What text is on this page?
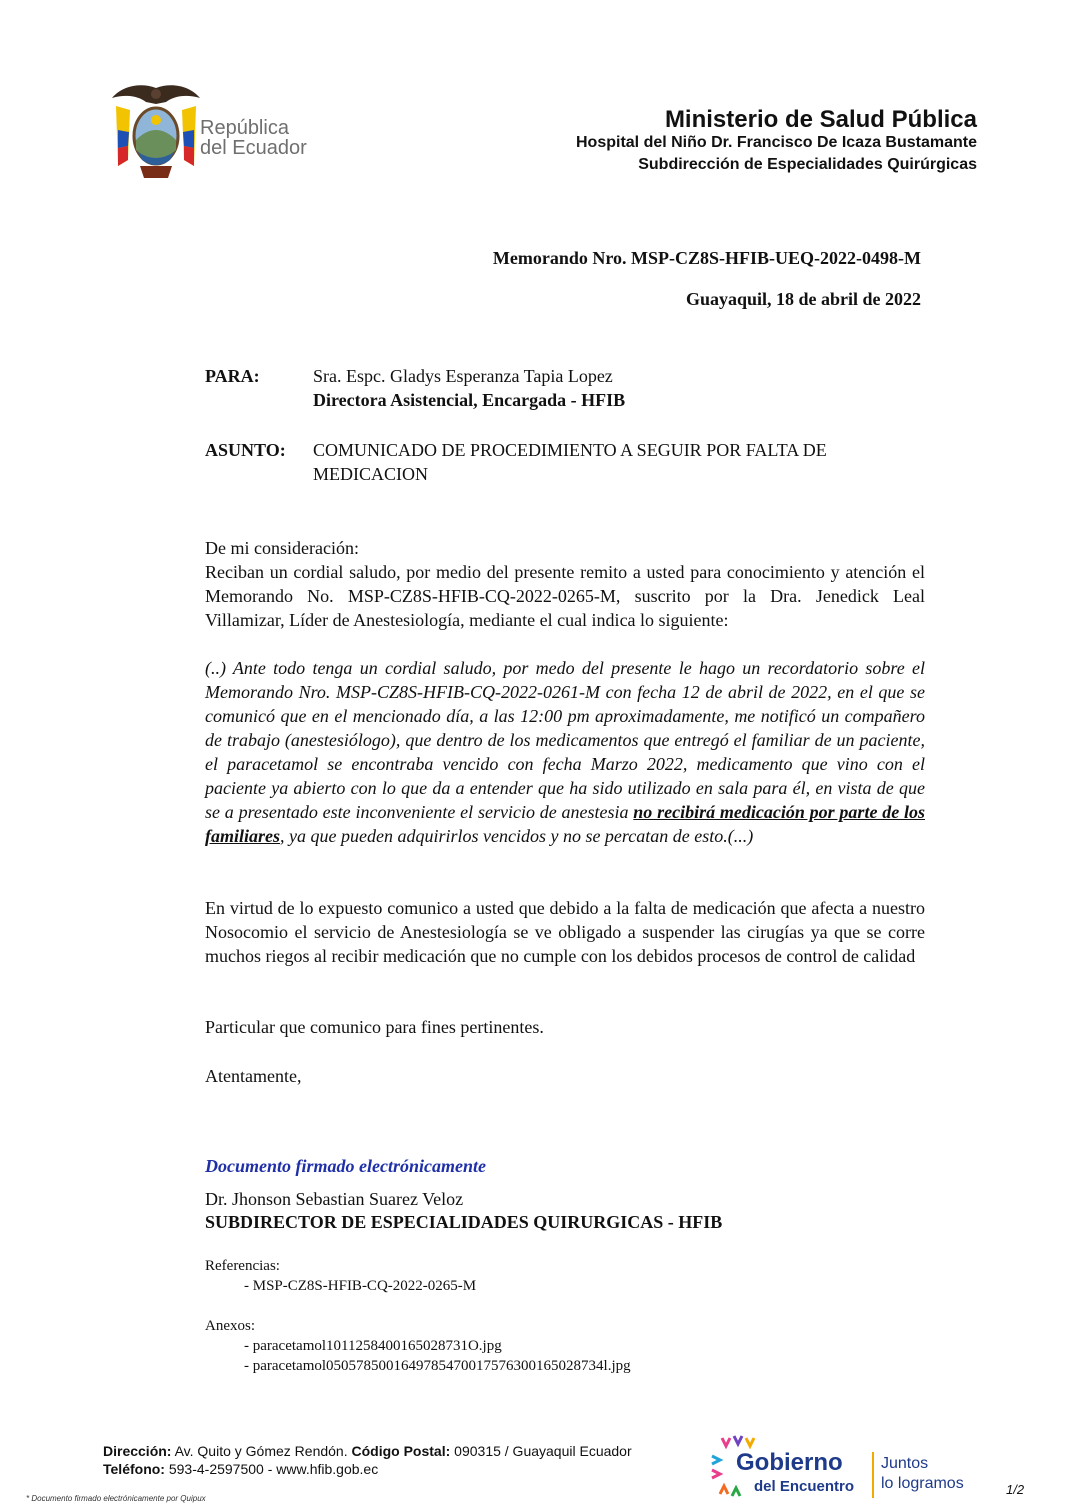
República
del Ecuador
Ministerio de Salud Pública
Hospital del Niño Dr. Francisco De Icaza Bustamante
Subdirección de Especialidades Quirúrgicas
Memorando Nro. MSP-CZ8S-HFIB-UEQ-2022-0498-M
Guayaquil, 18 de abril de 2022
PARA:	Sra. Espc. Gladys Esperanza Tapia Lopez
Directora Asistencial, Encargada - HFIB
ASUNTO: COMUNICADO DE PROCEDIMIENTO A SEGUIR POR FALTA DE MEDICACION

De mi consideración:

Reciban un cordial saludo, por medio del presente remito a usted para conocimiento y atención el Memorando No. MSP-CZ8S-HFIB-CQ-2022-0265-M, suscrito por la Dra. Jenedick Leal Villamizar, Líder de Anestesiología, mediante el cual indica lo siguiente:

(..) Ante todo tenga un cordial saludo, por medo del presente le hago un recordatorio sobre el Memorando Nro. MSP-CZ8S-HFIB-CQ-2022-0261-M con fecha 12 de abril de 2022, en el que se comunicó que en el mencionado día, a las 12:00 pm aproximadamente, me notificó un compañero de trabajo (anestesiólogo), que dentro de los medicamentos que entregó el familiar de un paciente, el paracetamol se encontraba vencido con fecha Marzo 2022, medicamento que vino con el paciente ya abierto con lo que da a entender que ha sido utilizado en sala para él, en vista de que se a presentado este inconveniente el servicio de anestesia no recibirá medicación por parte de los familiares, ya que pueden adquirirlos vencidos y no se percatan de esto.(...)

En virtud de lo expuesto comunico a usted que debido a la falta de medicación que afecta a nuestro Nosocomio el servicio de Anestesiología se ve obligado a suspender las cirugías ya que se corre muchos riegos al recibir medicación que no cumple con los debidos procesos de control de calidad
Particular que comunico para fines pertinentes.
Atentamente,
Documento firmado electrónicamente
Dr. Jhonson Sebastian Suarez Veloz
SUBDIRECTOR DE ESPECIALIDADES QUIRURGICAS - HFIB
Referencias:
- MSP-CZ8S-HFIB-CQ-2022-0265-M
Anexos:
- paracetamol1011258400165028731O.jpg
- paracetamol0505785001649785470017576300165028734l.jpg
Dirección: Av. Quito y Gómez Rendón. Código Postal: 090315 / Guayaquil Ecuador
Teléfono: 593-4-2597500 - www.hfib.gob.ec	Gobierno
del Encuentro
Juntos
lo logramos	1/2
* Documento firmado electrónicamente por Quipux
